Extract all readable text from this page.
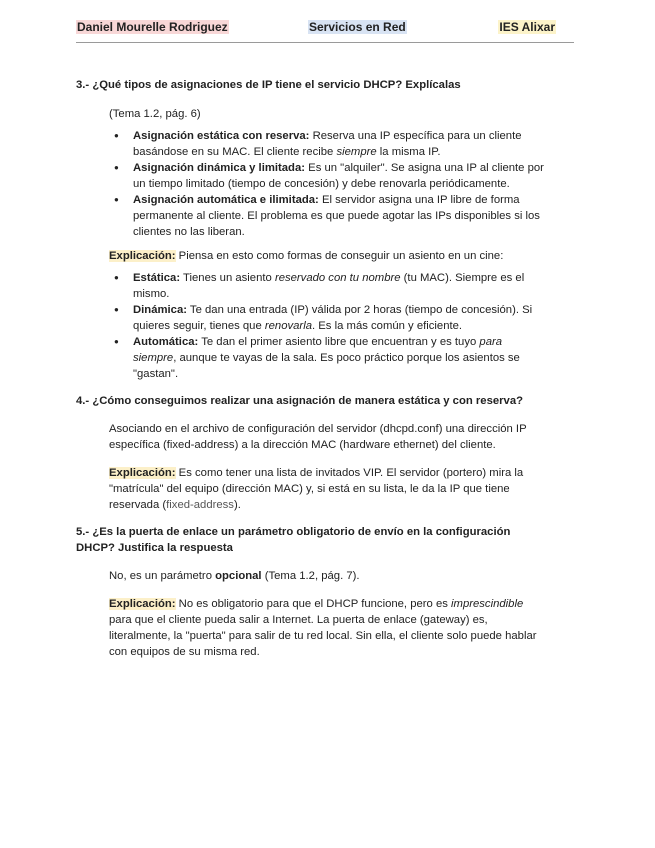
Daniel Mourelle Rodriguez	Servicios en Red	IES Alixar

3.- ¿Qué tipos de asignaciones de IP tiene el servicio DHCP? Explícalas

(Tema 1.2, pág. 6)

● Asignación estática con reserva: Reserva una IP específica para un cliente basándose en su MAC. El cliente recibe siempre la misma IP.
● Asignación dinámica y limitada: Es un "alquiler". Se asigna una IP al cliente por un tiempo limitado (tiempo de concesión) y debe renovarla periódicamente.
● Asignación automática e ilimitada: El servidor asigna una IP libre de forma permanente al cliente. El problema es que puede agotar las IPs disponibles si los clientes no las liberan.

Explicación: Piensa en esto como formas de conseguir un asiento en un cine:

● Estática: Tienes un asiento reservado con tu nombre (tu MAC). Siempre es el mismo.
● Dinámica: Te dan una entrada (IP) válida por 2 horas (tiempo de concesión). Si quieres seguir, tienes que renovarla. Es la más común y eficiente.
● Automática: Te dan el primer asiento libre que encuentran y es tuyo para siempre, aunque te vayas de la sala. Es poco práctico porque los asientos se "gastan".

4.- ¿Cómo conseguimos realizar una asignación de manera estática y con reserva?

Asociando en el archivo de configuración del servidor (dhcpd.conf) una dirección IP específica (fixed-address) a la dirección MAC (hardware ethernet) del cliente.

Explicación: Es como tener una lista de invitados VIP. El servidor (portero) mira la "matrícula" del equipo (dirección MAC) y, si está en su lista, le da la IP que tiene reservada (fixed-address).

5.- ¿Es la puerta de enlace un parámetro obligatorio de envío en la configuración DHCP? Justifica la respuesta

No, es un parámetro opcional (Tema 1.2, pág. 7).

Explicación: No es obligatorio para que el DHCP funcione, pero es imprescindible para que el cliente pueda salir a Internet. La puerta de enlace (gateway) es, literalmente, la "puerta" para salir de tu red local. Sin ella, el cliente solo puede hablar con equipos de su misma red.
